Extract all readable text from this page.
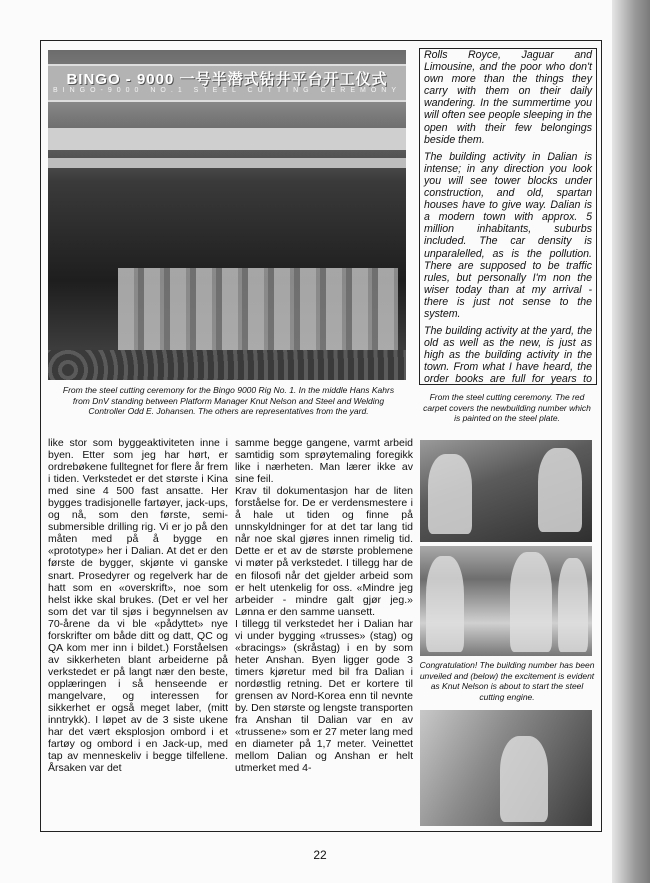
BINGO - 9000 一号半潜式钻井平台开工仪式
BINGO-9000 NO.1 STEEL CUTTING CEREMONY

Rolls Royce, Jaguar and Limousine, and the poor who don't own more than the things they carry with them on their daily wandering. In the summertime you will often see people sleeping in the open with their few belongings beside them.

The building activity in Dalian is intense; in any direction you look you will see tower blocks under construction, and old, spartan houses have to give way. Dalian is a modern town with approx. 5 million inhabitants, suburbs included. The car density is unparalelled, as is the pollution. There are supposed to be traffic rules, but personally I'm non the wiser today than at my arrival - there is just not sense to the system.

The building activity at the yard, the old as well as the new, is just as high as the building activity in the town. From what I have heard, the order books are full for years to

From the steel cutting ceremony for the Bingo 9000 Rig No. 1. In the middle Hans Kahrs from DnV standing between Platform Manager Knut Nelson and Steel and Welding Controller Odd E. Johansen. The others are representatives from the yard.
From the steel cutting ceremony. The red carpet covers the newbuilding number which is painted on the steel plate.

like stor som byggeaktiviteten inne i byen. Etter som jeg har hørt, er ordrebøkene fulltegnet for flere år frem i tiden. Verkstedet er det største i Kina med sine 4 500 fast ansatte. Her bygges tradisjonelle fartøyer, jack-ups, og nå, som den første, semi-submersible drilling rig. Vi er jo på den måten med på å bygge en «prototype» her i Dalian. At det er den første de bygger, skjønte vi ganske snart. Prosedyrer og regelverk har de hatt som en «overskrift», noe som helst ikke skal brukes. (Det er vel her som det var til sjøs i begynnelsen av 70-årene da vi ble «pådyttet» nye forskrifter om både ditt og datt, QC og QA kom mer inn i bildet.) Forståelsen av sikkerheten blant arbeiderne på verkstedet er på langt nær den beste, opplæringen i så henseende er mangelvare, og interessen for sikkerhet er også meget laber, (mitt inntrykk). I løpet av de 3 siste ukene har det vært eksplosjon ombord i et fartøy og ombord i en Jack-up, med tap av menneskeliv i begge tilfellene. Årsaken var det

samme begge gangene, varmt arbeid samtidig som sprøytemaling foregikk like i nærheten. Man lærer ikke av sine feil.

Krav til dokumentasjon har de liten forståelse for. De er verdensmestere i å hale ut tiden og finne på unnskyldninger for at det tar lang tid når noe skal gjøres innen rimelig tid. Dette er et av de største problemene vi møter på verkstedet. I tillegg har de en filosofi når det gjelder arbeid som er helt utenkelig for oss. «Mindre jeg arbeider - mindre galt gjør jeg.» Lønna er den samme uansett.

I tillegg til verkstedet her i Dalian har vi under bygging «trusses» (stag) og «bracings» (skråstag) i en by som heter Anshan. Byen ligger gode 3 timers kjøretur med bil fra Dalian i nordøstlig retning. Det er kortere til grensen av Nord-Korea enn til nevnte by. Den største og lengste transporten fra Anshan til Dalian var en av «trussene» som er 27 meter lang med en diameter på 1,7 meter. Veinettet mellom Dalian og Anshan er helt utmerket med 4-

Congratulation! The building number has been unveiled and (below) the excitement is evident as Knut Nelson is about to start the steel cutting engine.
22
